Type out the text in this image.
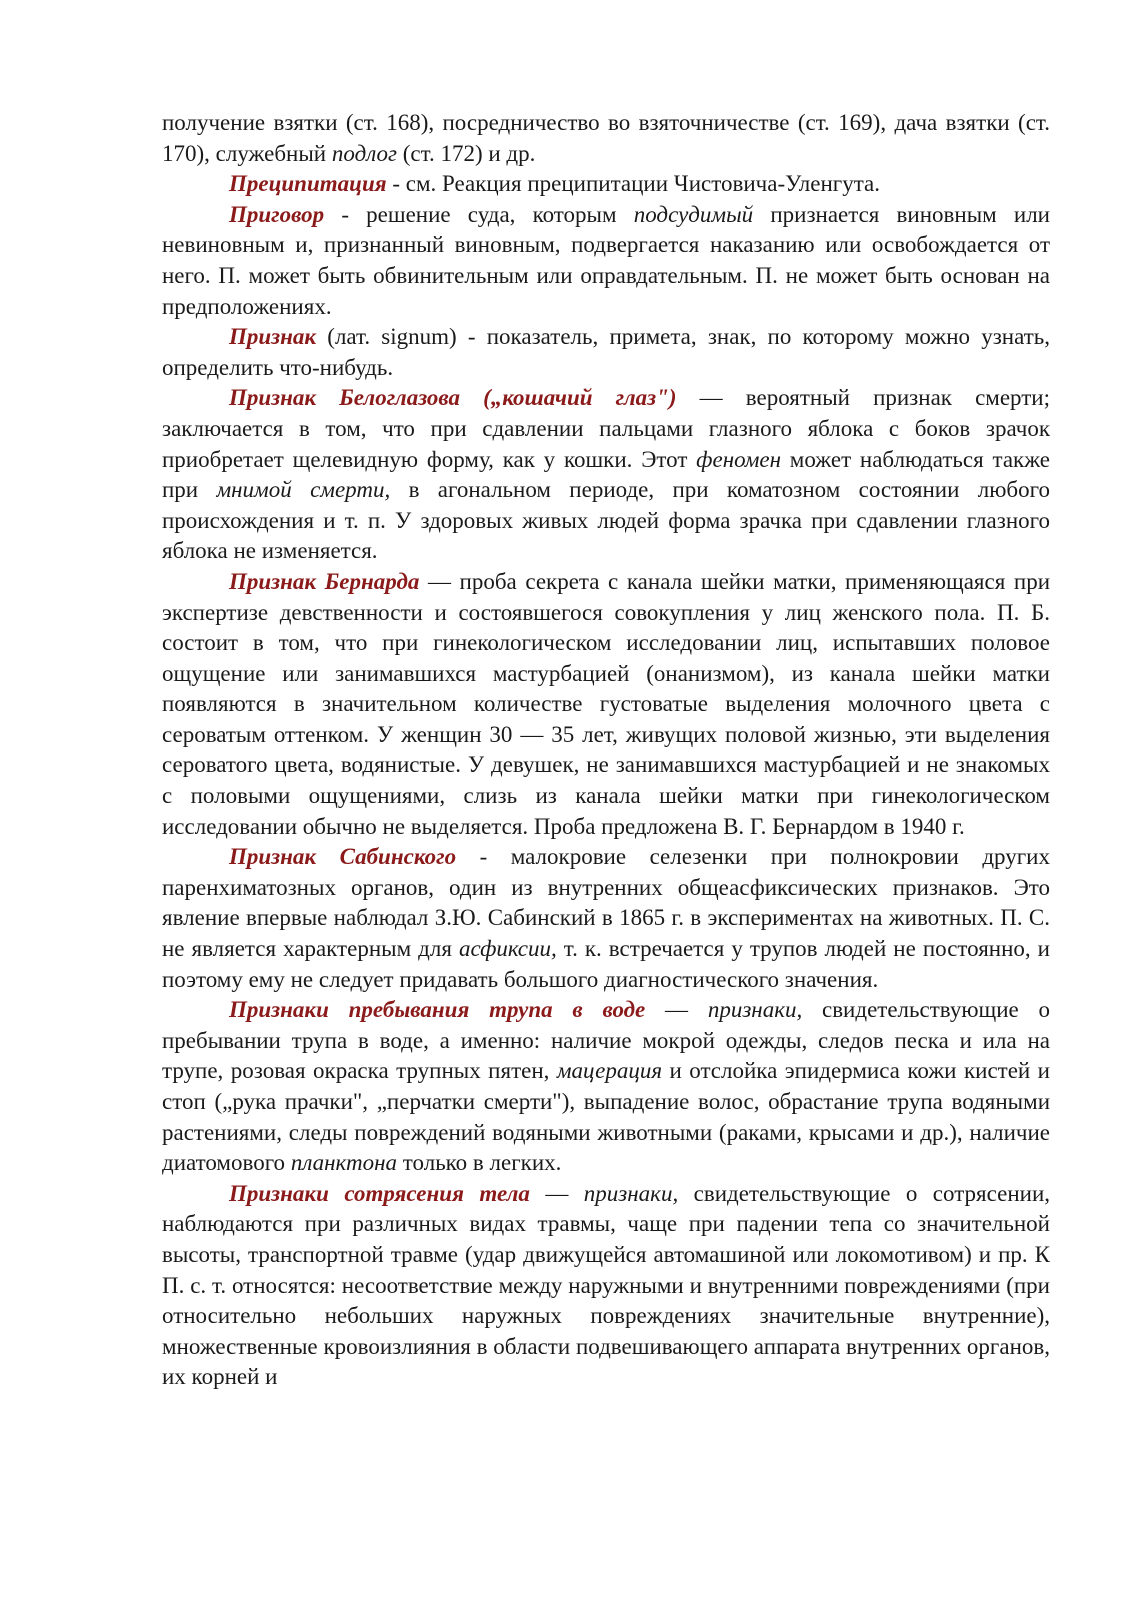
получение взятки (ст. 168), посредничество во взяточничестве (ст. 169), дача взятки (ст. 170), служебный подлог (ст. 172) и др.

Преципитация - см. Реакция преципитации Чистовича-Уленгута.

Приговор - решение суда, которым подсудимый признается виновным или невиновным и, признанный виновным, подвергается наказанию или освобождается от него. П. может быть обвинительным или оправдательным. П. не может быть основан на предположениях.

Признак (лат. signum) - показатель, примета, знак, по которому можно узнать, определить что-нибудь.

Признак Белоглазова („кошачий глаз") — вероятный признак смерти; заключается в том, что при сдавлении пальцами глазного яблока с боков зрачок приобретает щелевидную форму, как у кошки. Этот феномен может наблюдаться также при мнимой смерти, в агональном периоде, при коматозном состоянии любого происхождения и т. п. У здоровых живых людей форма зрачка при сдавлении глазного яблока не изменяется.

Признак Бернарда — проба секрета с канала шейки матки, применяющаяся при экспертизе девственности и состоявшегося совокупления у лиц женского пола. П. Б. состоит в том, что при гинекологическом исследовании лиц, испытавших половое ощущение или занимавшихся мастурбацией (онанизмом), из канала шейки матки появляются в значительном количестве густоватые выделения молочного цвета с сероватым оттенком. У женщин 30 — 35 лет, живущих половой жизнью, эти выделения сероватого цвета, водянистые. У девушек, не занимавшихся мастурбацией и не знакомых с половыми ощущениями, слизь из канала шейки матки при гинекологическом исследовании обычно не выделяется. Проба предложена В. Г. Бернардом в 1940 г.

Признак Сабинского - малокровие селезенки при полнокровии других паренхиматозных органов, один из внутренних общеасфиксических признаков. Это явление впервые наблюдал З.Ю. Сабинский в 1865 г. в экспериментах на животных. П. С. не является характерным для асфиксии, т. к. встречается у трупов людей не постоянно, и поэтому ему не следует придавать большого диагностического значения.

Признаки пребывания трупа в воде — признаки, свидетельствующие о пребывании трупа в воде, а именно: наличие мокрой одежды, следов песка и ила на трупе, розовая окраска трупных пятен, мацерация и отслойка эпидермиса кожи кистей и стоп („рука прачки", „перчатки смерти"), выпадение волос, обрастание трупа водяными растениями, следы повреждений водяными животными (раками, крысами и др.), наличие диатомового планктона только в легких.

Признаки сотрясения тела — признаки, свидетельствующие о сотрясении, наблюдаются при различных видах травмы, чаще при падении тепа со значительной высоты, транспортной травме (удар движущейся автомашиной или локомотивом) и пр. К П. с. т. относятся: несоответствие между наружными и внутренними повреждениями (при относительно небольших наружных повреждениях значительные внутренние), множественные кровоизлияния в области подвешивающего аппарата внутренних органов, их корней и
